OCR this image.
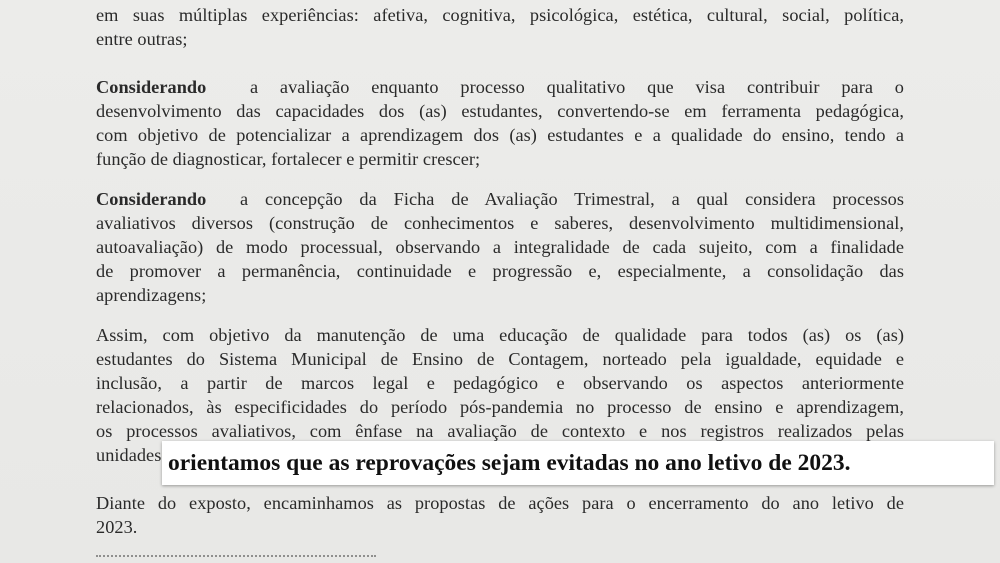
em suas múltiplas experiências: afetiva, cognitiva, psicológica, estética, cultural, social, política,
entre outras;
Considerando a avaliação enquanto processo qualitativo que visa contribuir para o
desenvolvimento das capacidades dos (as) estudantes, convertendo-se em ferramenta pedagógica,
com objetivo de potencializar a aprendizagem dos (as) estudantes e a qualidade do ensino, tendo a
função de diagnosticar, fortalecer e permitir crescer;
Considerando a concepção da Ficha de Avaliação Trimestral, a qual considera processos
avaliativos diversos (construção de conhecimentos e saberes, desenvolvimento multidimensional,
autoavaliação) de modo processual, observando a integralidade de cada sujeito, com a finalidade
de promover a permanência, continuidade e progressão e, especialmente, a consolidação das
aprendizagens;
Assim, com objetivo da manutenção de uma educação de qualidade para todos (as) os (as)
estudantes do Sistema Municipal de Ensino de Contagem, norteado pela igualdade, equidade e
inclusão, a partir de marcos legal e pedagógico e observando os aspectos anteriormente
relacionados, às especificidades do período pós-pandemia no processo de ensino e aprendizagem,
os processos avaliativos, com ênfase na avaliação de contexto e nos registros realizados pelas
unidades
Diante do exposto, encaminhamos as propostas de ações para o encerramento do ano letivo de
2023.
orientamos que as reprovações sejam evitadas no ano letivo de 2023.
